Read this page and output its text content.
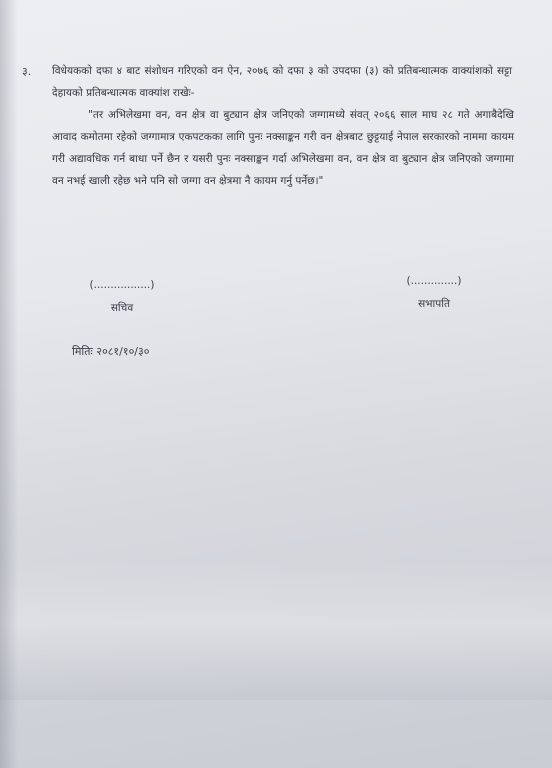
३. विधेयकको दफा ४ बाट संशोधन गरिएको वन ऐन, २०७६ को दफा ३ को उपदफा (३) को प्रतिबन्धात्मक वाक्यांशको सट्टा देहायको प्रतिबन्धात्मक वाक्यांश राखेः-

"तर अभिलेखमा वन, वन क्षेत्र वा बुट्यान क्षेत्र जनिएको जग्गामध्ये संवत् २०६६ साल माघ २८ गते अगाबैदेखि आवाद कमोतमा रहेको जग्गामात्र एकपटकका लागि पुनः नक्साङ्कन गरी वन क्षेत्रबाट छुट्टयाई नेपाल सरकारको नाममा कायम गरी अद्यावधिक गर्न बाधा पर्ने छैन र यसरी पुनः नक्साङ्कन गर्दा अभिलेखमा वन, वन क्षेत्र वा बुट्यान क्षेत्र जनिएको जग्गामा वन नभई खाली रहेछ भने पनि सो जग्गा वन क्षेत्रमा नै कायम गर्नु पर्नेछ।"

(.................)
सचिव
(..............)
सभापति
मितिः २०८१/१०/३०
